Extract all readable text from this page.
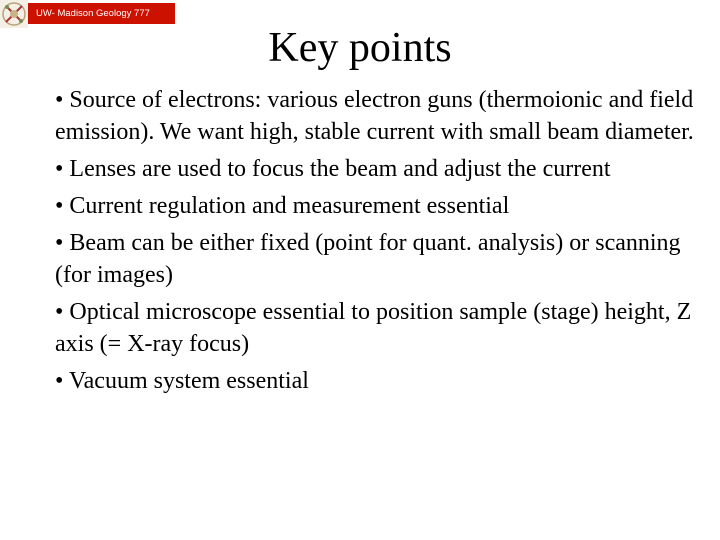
UW- Madison Geology 777
Key points
• Source of electrons: various electron guns (thermoionic and field emission). We want high, stable current with small beam diameter.
• Lenses are used to focus the beam and adjust the current
• Current regulation and measurement essential
• Beam can be either fixed (point for quant. analysis) or scanning (for images)
• Optical microscope essential to position sample (stage) height, Z axis (= X-ray focus)
• Vacuum system essential
